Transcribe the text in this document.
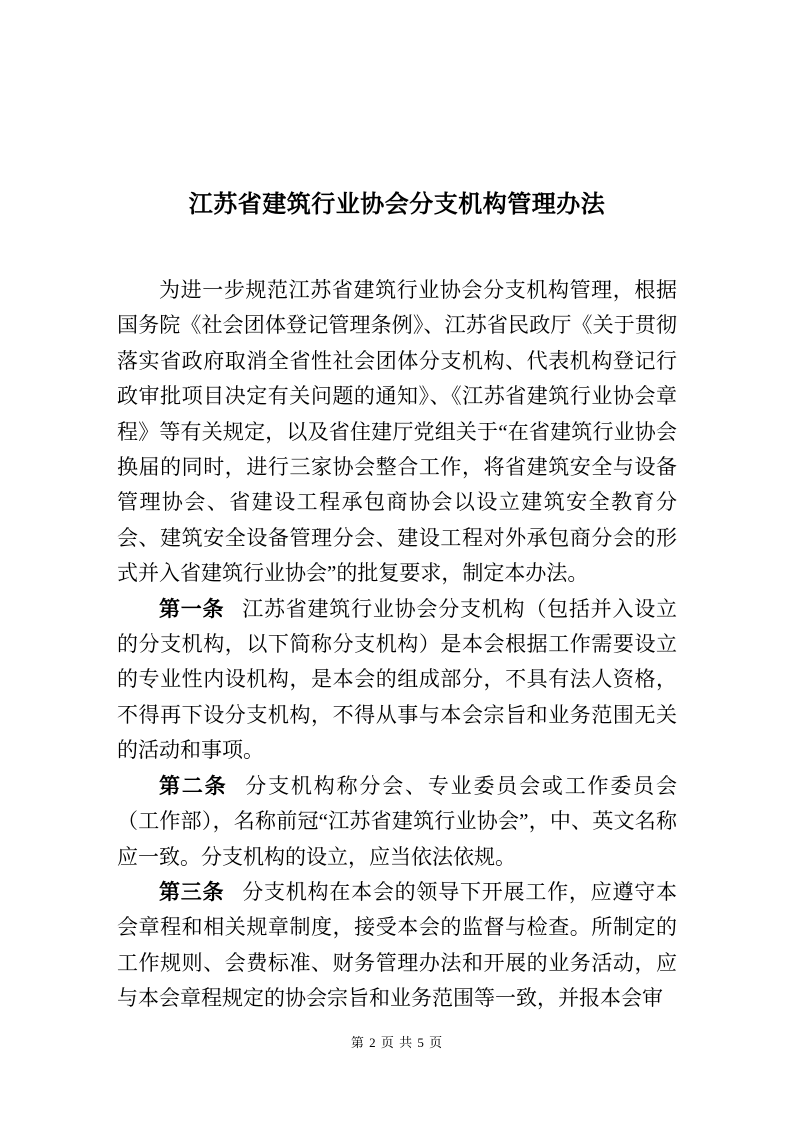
江苏省建筑行业协会分支机构管理办法

为进一步规范江苏省建筑行业协会分支机构管理，根据国务院《社会团体登记管理条例》、江苏省民政厅《关于贯彻落实省政府取消全省性社会团体分支机构、代表机构登记行政审批项目决定有关问题的通知》、《江苏省建筑行业协会章程》等有关规定，以及省住建厅党组关于“在省建筑行业协会换届的同时，进行三家协会整合工作，将省建筑安全与设备管理协会、省建设工程承包商协会以设立建筑安全教育分会、建筑安全设备管理分会、建设工程对外承包商分会的形式并入省建筑行业协会”的批复要求，制定本办法。

第一条 江苏省建筑行业协会分支机构（包括并入设立的分支机构，以下简称分支机构）是本会根据工作需要设立的专业性内设机构，是本会的组成部分，不具有法人资格，不得再下设分支机构，不得从事与本会宗旨和业务范围无关的活动和事项。

第二条 分支机构称分会、专业委员会或工作委员会（工作部），名称前冠“江苏省建筑行业协会”，中、英文名称应一致。分支机构的设立，应当依法依规。

第三条 分支机构在本会的领导下开展工作，应遵守本会章程和相关规章制度，接受本会的监督与检查。所制定的工作规则、会费标准、财务管理办法和开展的业务活动，应与本会章程规定的协会宗旨和业务范围等一致，并报本会审

第 2 页 共 5 页
